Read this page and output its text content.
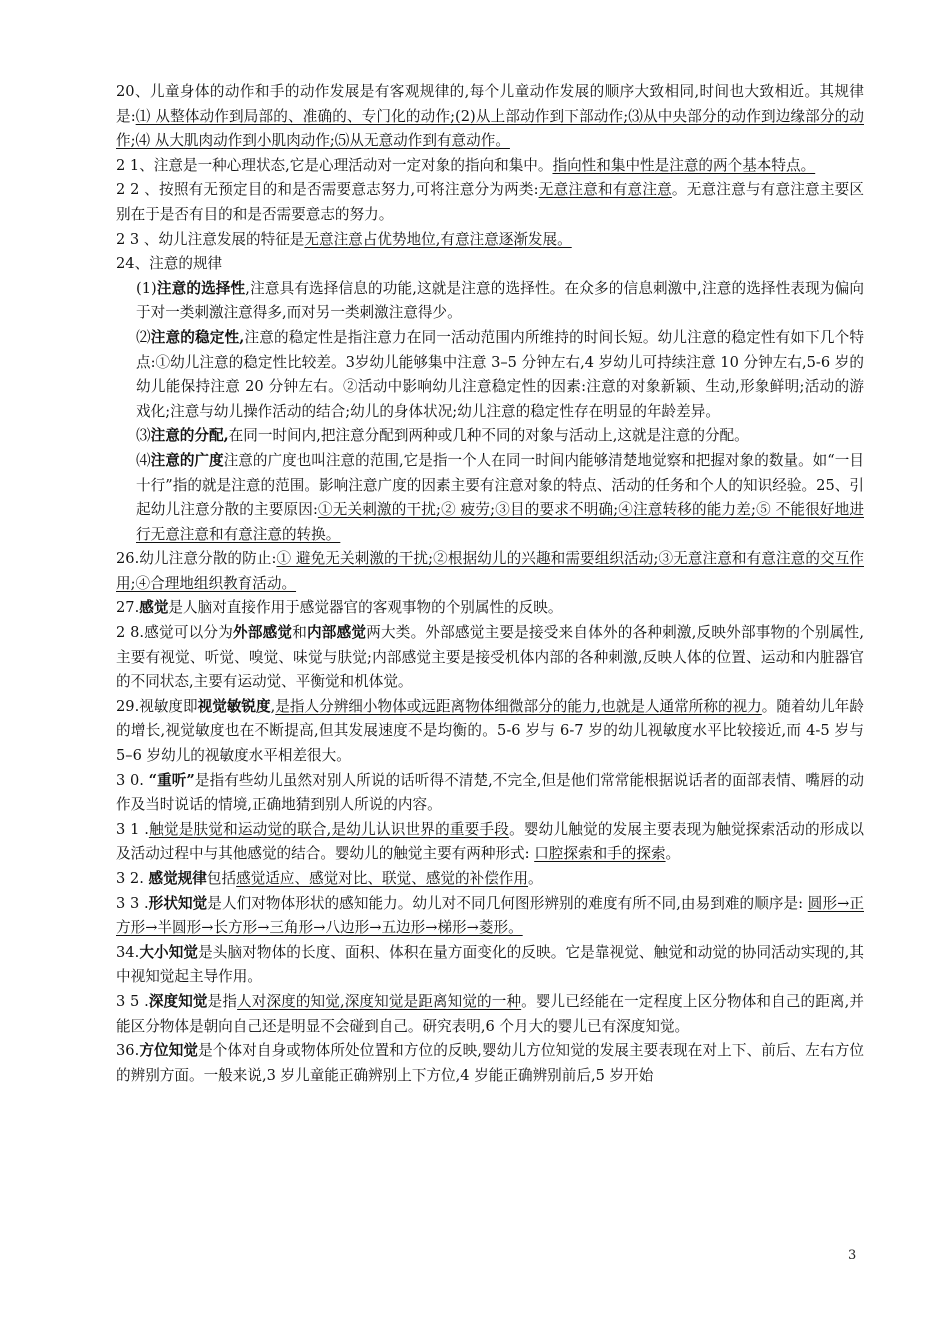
20、儿童身体的动作和手的动作发展是有客观规律的,每个儿童动作发展的顺序大致相同,时间也大致相近。其规律是:⑴ 从整体动作到局部的、准确的、专门化的动作;(2)从上部动作到下部动作;⑶从中央部分的动作到边缘部分的动作;⑷ 从大肌肉动作到小肌肉动作;⑸从无意动作到有意动作。

2 1、注意是一种心理状态,它是心理活动对一定对象的指向和集中。指向性和集中性是注意的两个基本特点。

2 2 、按照有无预定目的和是否需要意志努力,可将注意分为两类:无意注意和有意注意。无意注意与有意注意主要区别在于是否有目的和是否需要意志的努力。

2 3 、幼儿注意发展的特征是无意注意占优势地位,有意注意逐渐发展。

24、注意的规律

(1)注意的选择性,注意具有选择信息的功能,这就是注意的选择性。在众多的信息刺激中,注意的选择性表现为偏向于对一类刺激注意得多,而对另一类刺激注意得少。

⑵注意的稳定性,注意的稳定性是指注意力在同一活动范围内所维持的时间长短。幼儿注意的稳定性有如下几个特点:①幼儿注意的稳定性比较差。3岁幼儿能够集中注意 3–5 分钟左右,4 岁幼儿可持续注意 10 分钟左右,5-6 岁的幼儿能保持注意 20 分钟左右。②活动中影响幼儿注意稳定性的因素:注意的对象新颖、生动,形象鲜明;活动的游戏化;注意与幼儿操作活动的结合;幼儿的身体状况;幼儿注意的稳定性存在明显的年龄差异。

⑶注意的分配,在同一时间内,把注意分配到两种或几种不同的对象与活动上,这就是注意的分配。

⑷注意的广度注意的广度也叫注意的范围,它是指一个人在同一时间内能够清楚地觉察和把握对象的数量。如“一目十行”指的就是注意的范围。影响注意广度的因素主要有注意对象的特点、活动的任务和个人的知识经验。25、引起幼儿注意分散的主要原因:①无关刺激的干扰;② 疲劳;③目的要求不明确;④注意转移的能力差;⑤ 不能很好地进行无意注意和有意注意的转换。

26.幼儿注意分散的防止:① 避免无关刺激的干扰;②根据幼儿的兴趣和需要组织活动;③无意注意和有意注意的交互作用;④合理地组织教育活动。

27.感觉是人脑对直接作用于感觉器官的客观事物的个别属性的反映。

2 8.感觉可以分为外部感觉和内部感觉两大类。外部感觉主要是接受来自体外的各种刺激,反映外部事物的个别属性,主要有视觉、听觉、嗅觉、味觉与肤觉;内部感觉主要是接受机体内部的各种刺激,反映人体的位置、运动和内脏器官的不同状态,主要有运动觉、平衡觉和机体觉。

29.视敏度即视觉敏锐度,是指人分辨细小物体或远距离物体细微部分的能力,也就是人通常所称的视力。随着幼儿年龄的增长,视觉敏度也在不断提高,但其发展速度不是均衡的。5-6 岁与 6-7 岁的幼儿视敏度水平比较接近,而 4-5 岁与 5–6 岁幼儿的视敏度水平相差很大。

3 0. “重听”是指有些幼儿虽然对别人所说的话听得不清楚,不完全,但是他们常常能根据说话者的面部表情、嘴唇的动作及当时说话的情境,正确地猜到别人所说的内容。

3 1 .触觉是肤觉和运动觉的联合,是幼儿认识世界的重要手段。婴幼儿触觉的发展主要表现为触觉探索活动的形成以及活动过程中与其他感觉的结合。婴幼儿的触觉主要有两种形式: 口腔探索和手的探索。

3 2. 感觉规律包括感觉适应、感觉对比、联觉、感觉的补偿作用。

3 3 .形状知觉是人们对物体形状的感知能力。幼儿对不同几何图形辨别的难度有所不同,由易到难的顺序是: 圆形→正方形→半圆形→长方形→三角形→八边形→五边形→梯形→菱形。

34.大小知觉是头脑对物体的长度、面积、体积在量方面变化的反映。它是靠视觉、触觉和动觉的协同活动实现的,其中视知觉起主导作用。

3 5 .深度知觉是指人对深度的知觉,深度知觉是距离知觉的一种。婴儿已经能在一定程度上区分物体和自己的距离,并能区分物体是朝向自己还是明显不会碰到自己。研究表明,6 个月大的婴儿已有深度知觉。

36.方位知觉是个体对自身或物体所处位置和方位的反映,婴幼儿方位知觉的发展主要表现在对上下、前后、左右方位的辨别方面。一般来说,3 岁儿童能正确辨别上下方位,4 岁能正确辨别前后,5 岁开始

3
